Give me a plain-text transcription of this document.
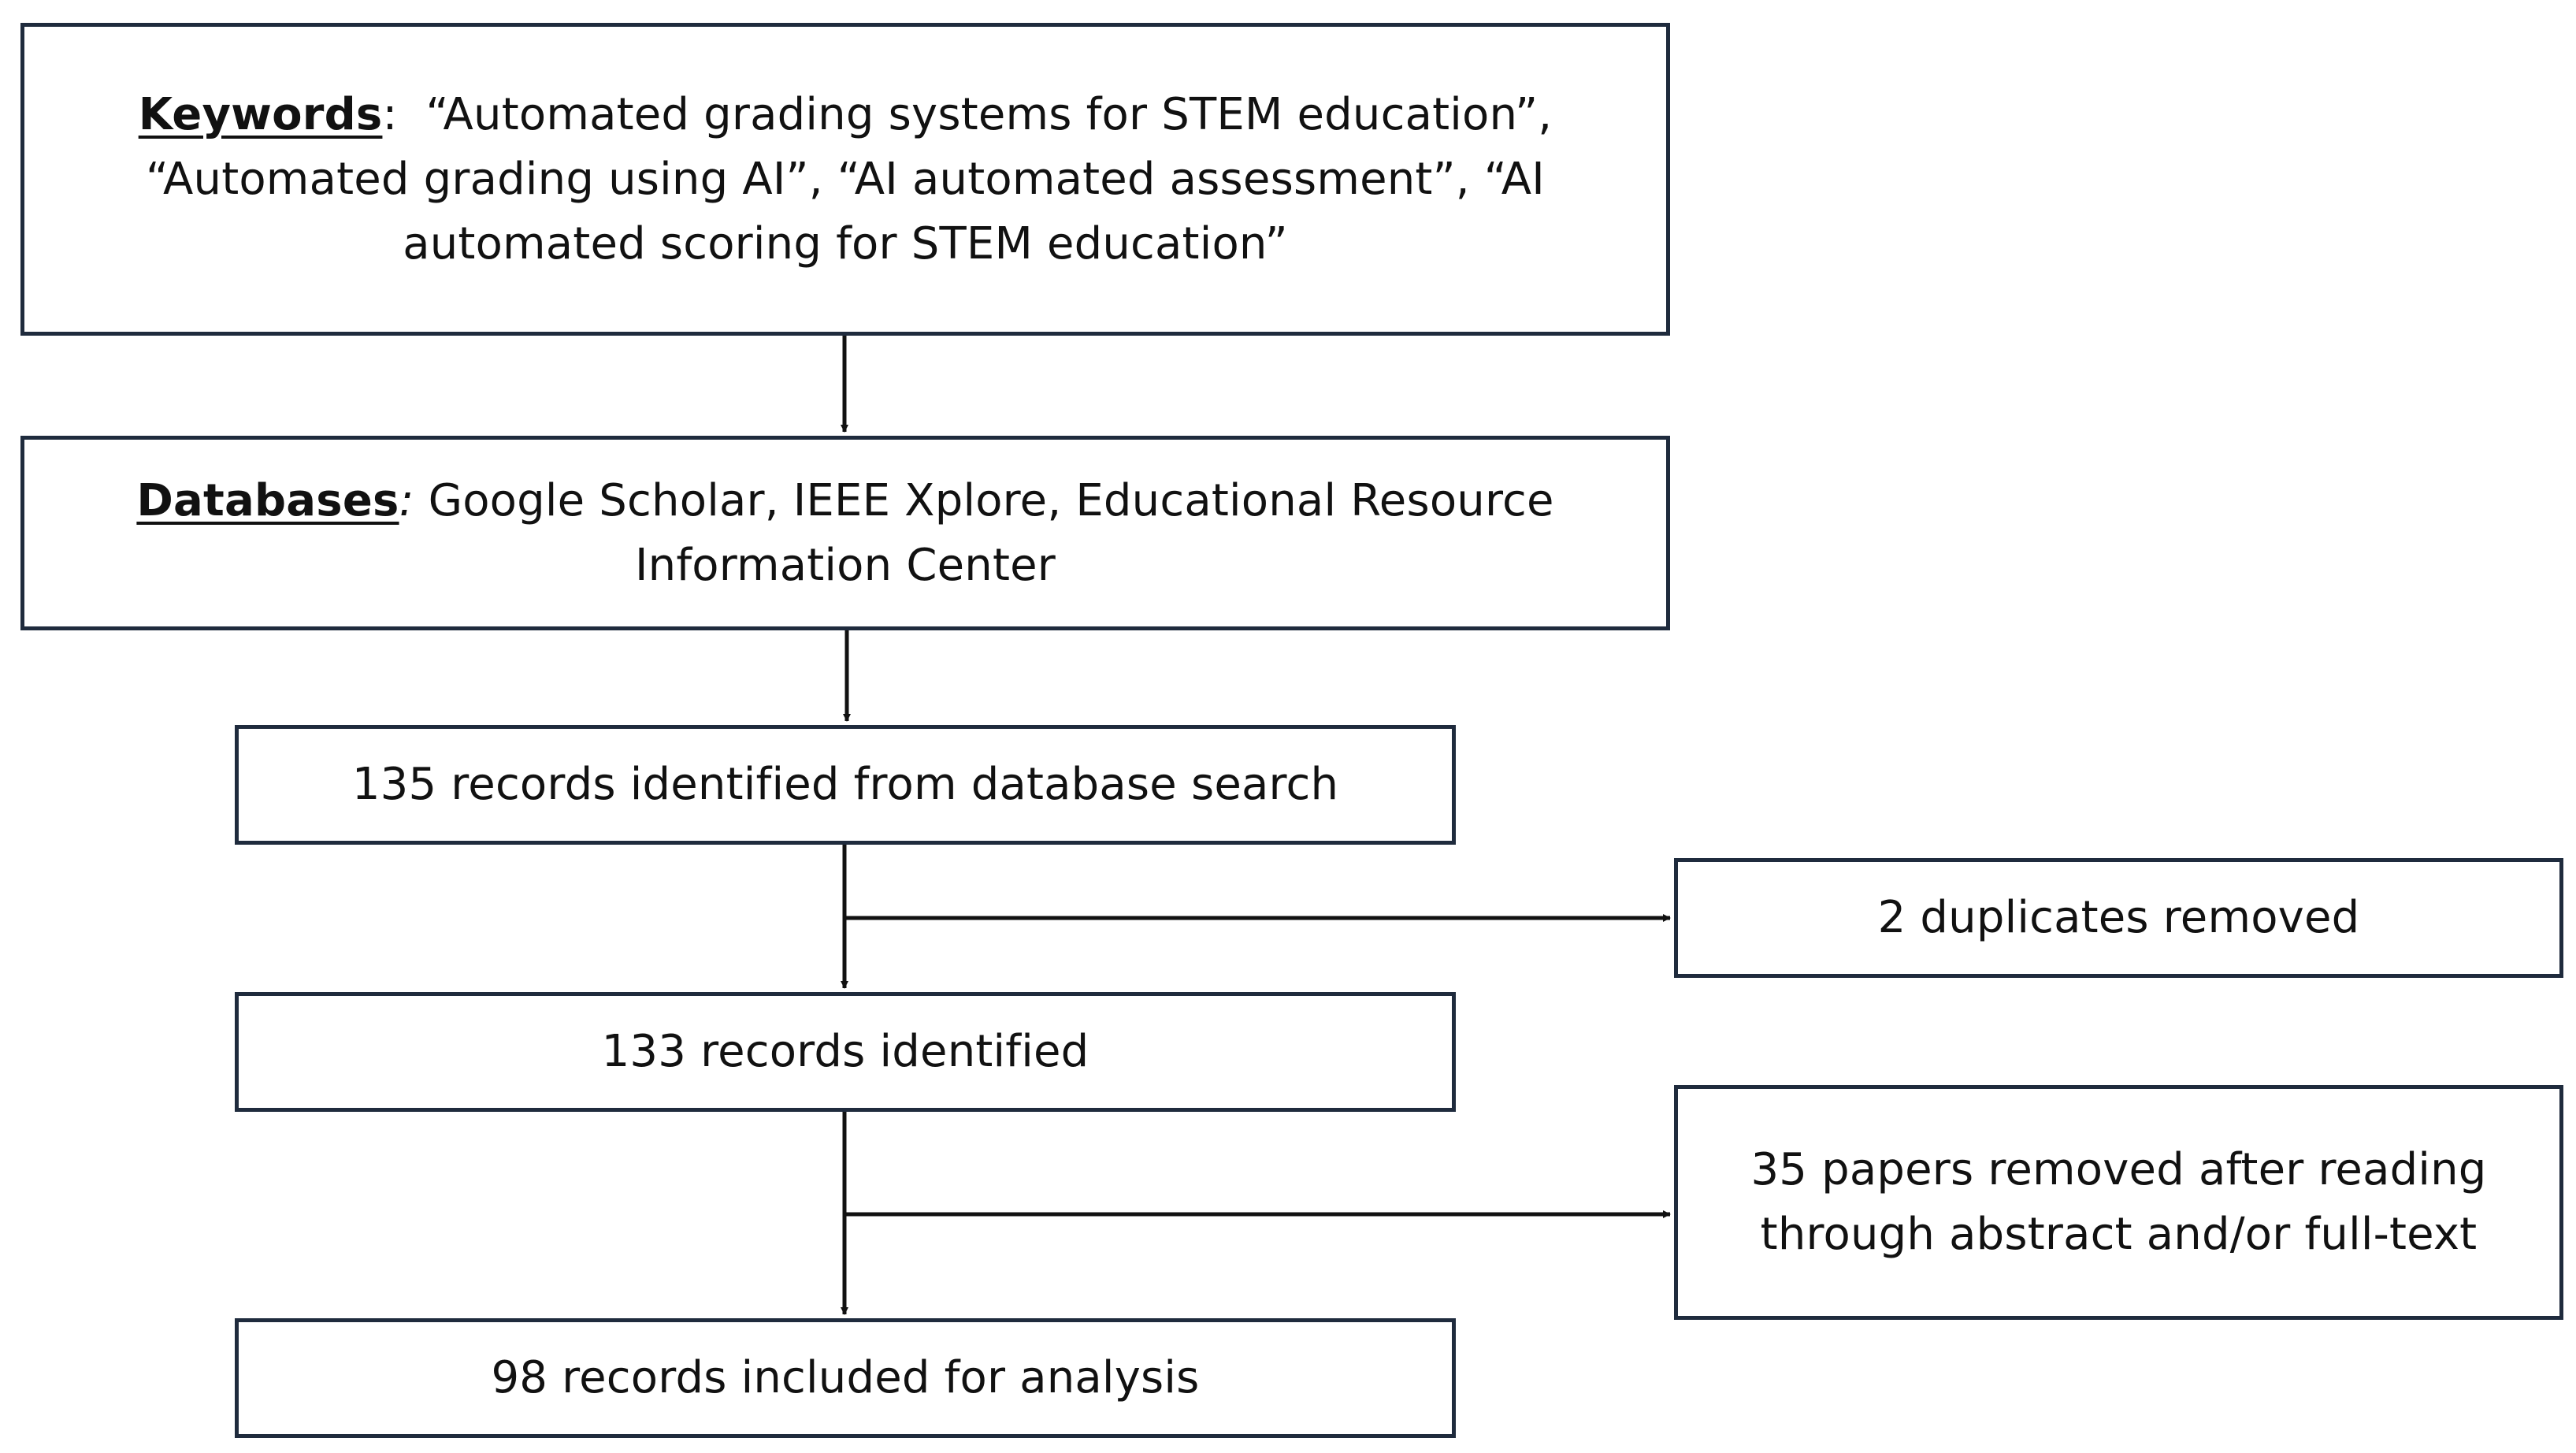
Keywords: “Automated grading systems for STEM education”, “Automated grading using AI”, “AI automated assessment”, “AI automated scoring for STEM education”
Databases: Google Scholar, IEEE Xplore, Educational Resource Information Center
135 records identified from database search
2 duplicates removed
133 records identified
35 papers removed after reading through abstract and/or full-text
98 records included for analysis
